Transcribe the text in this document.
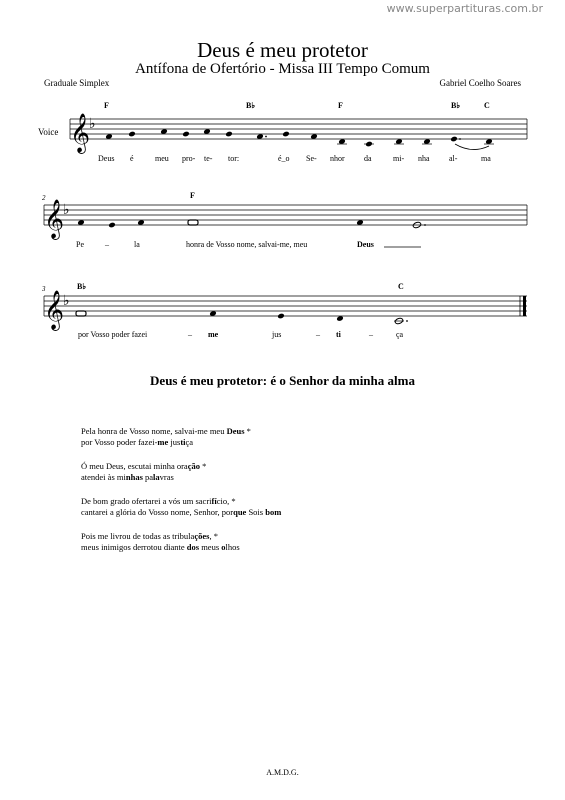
www.superpartituras.com.br
Deus é meu protetor
Antífona de Ofertório - Missa III Tempo Comum
Graduale Simplex	Gabriel Coelho Soares
Voice 𝄞
♭
F	B♭	F	B♭	C
Deus é	meu pro- te- tor:	é_o Se- nhor da	mi- nha al-	ma
2
𝄞
♭
F
Pe	–	la	honra de Vosso nome, salvai-me, meu	Deus
3
𝄞
♭
B♭	C
por Vosso poder fazei	– me	jus	– ti	–	ça
Deus é meu protetor: é o Senhor da minha alma
Pela honra de Vosso nome, salvai-me meu Deus *
por Vosso poder fazei-me justiça
Ó meu Deus, escutai minha oração *
atendei às minhas palavras
De bom grado ofertarei a vós um sacrifício, *
cantarei a glória do Vosso nome, Senhor, porque Sois bom
Pois me livrou de todas as tribulações, *
meus inimigos derrotou diante dos meus olhos
A.M.D.G.
